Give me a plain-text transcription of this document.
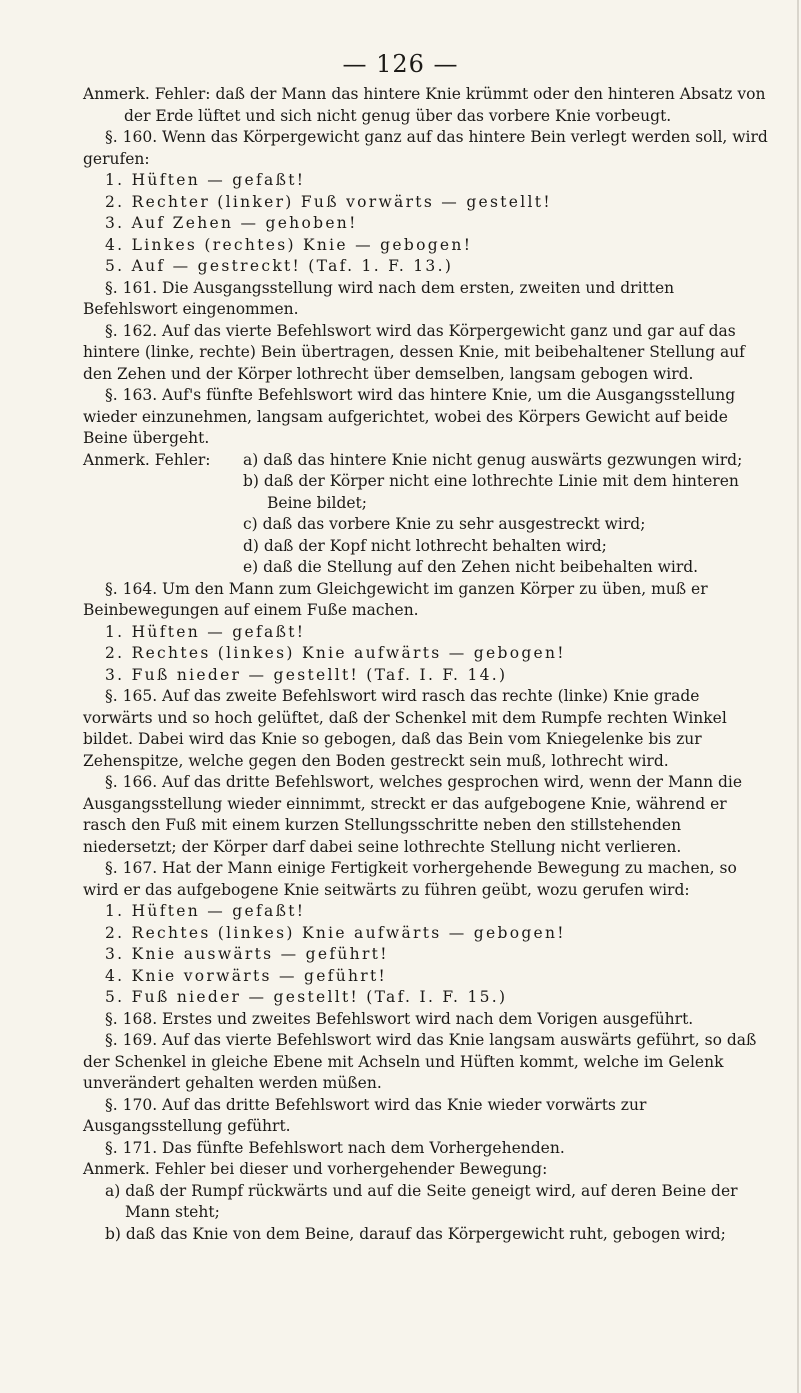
— 126 —

Anmerk. Fehler: daß der Mann das hintere Knie krümmt oder den hinteren Absatz von der Erde lüftet und sich nicht genug über das vorbere Knie vorbeugt.

§. 160. Wenn das Körpergewicht ganz auf das hintere Bein verlegt werden soll, wird gerufen:

1. Hüften — gefaßt!
2. Rechter (linker) Fuß vorwärts — gestellt!
3. Auf Zehen — gehoben!
4. Linkes (rechtes) Knie — gebogen!
5. Auf — gestreckt! (Taf. 1. F. 13.)

§. 161. Die Ausgangsstellung wird nach dem ersten, zweiten und dritten Befehlswort eingenommen.

§. 162. Auf das vierte Befehlswort wird das Körpergewicht ganz und gar auf das hintere (linke, rechte) Bein übertragen, dessen Knie, mit beibehaltener Stellung auf den Zehen und der Körper lothrecht über demselben, langsam gebogen wird.

§. 163. Auf's fünfte Befehlswort wird das hintere Knie, um die Ausgangsstellung wieder einzunehmen, langsam aufgerichtet, wobei des Körpers Gewicht auf beide Beine übergeht.

Anmerk. Fehler:	a) daß das hintere Knie nicht genug auswärts gezwungen wird;
b) daß der Körper nicht eine lothrechte Linie mit dem hinteren Beine bildet;
c) daß das vorbere Knie zu sehr ausgestreckt wird;
d) daß der Kopf nicht lothrecht behalten wird;
e) daß die Stellung auf den Zehen nicht beibehalten wird.

§. 164. Um den Mann zum Gleichgewicht im ganzen Körper zu üben, muß er Beinbewegungen auf einem Fuße machen.

1. Hüften — gefaßt!
2. Rechtes (linkes) Knie aufwärts — gebogen!
3. Fuß nieder — gestellt! (Taf. I. F. 14.)

§. 165. Auf das zweite Befehlswort wird rasch das rechte (linke) Knie grade vorwärts und so hoch gelüftet, daß der Schenkel mit dem Rumpfe rechten Winkel bildet. Dabei wird das Knie so gebogen, daß das Bein vom Kniegelenke bis zur Zehenspitze, welche gegen den Boden gestreckt sein muß, lothrecht wird.

§. 166. Auf das dritte Befehlswort, welches gesprochen wird, wenn der Mann die Ausgangsstellung wieder einnimmt, streckt er das aufgebogene Knie, während er rasch den Fuß mit einem kurzen Stellungsschritte neben den stillstehenden niedersetzt; der Körper darf dabei seine lothrechte Stellung nicht verlieren.

§. 167. Hat der Mann einige Fertigkeit vorhergehende Bewegung zu machen, so wird er das aufgebogene Knie seitwärts zu führen geübt, wozu gerufen wird:

1. Hüften — gefaßt!
2. Rechtes (linkes) Knie aufwärts — gebogen!
3. Knie auswärts — geführt!
4. Knie vorwärts — geführt!
5. Fuß nieder — gestellt! (Taf. I. F. 15.)

§. 168. Erstes und zweites Befehlswort wird nach dem Vorigen ausgeführt.

§. 169. Auf das vierte Befehlswort wird das Knie langsam auswärts geführt, so daß der Schenkel in gleiche Ebene mit Achseln und Hüften kommt, welche im Gelenk unverändert gehalten werden müßen.

§. 170. Auf das dritte Befehlswort wird das Knie wieder vorwärts zur Ausgangsstellung geführt.

§. 171. Das fünfte Befehlswort nach dem Vorhergehenden.

Anmerk. Fehler bei dieser und vorhergehender Bewegung:

a) daß der Rumpf rückwärts und auf die Seite geneigt wird, auf deren Beine der Mann steht;
b) daß das Knie von dem Beine, darauf das Körpergewicht ruht, gebogen wird;
